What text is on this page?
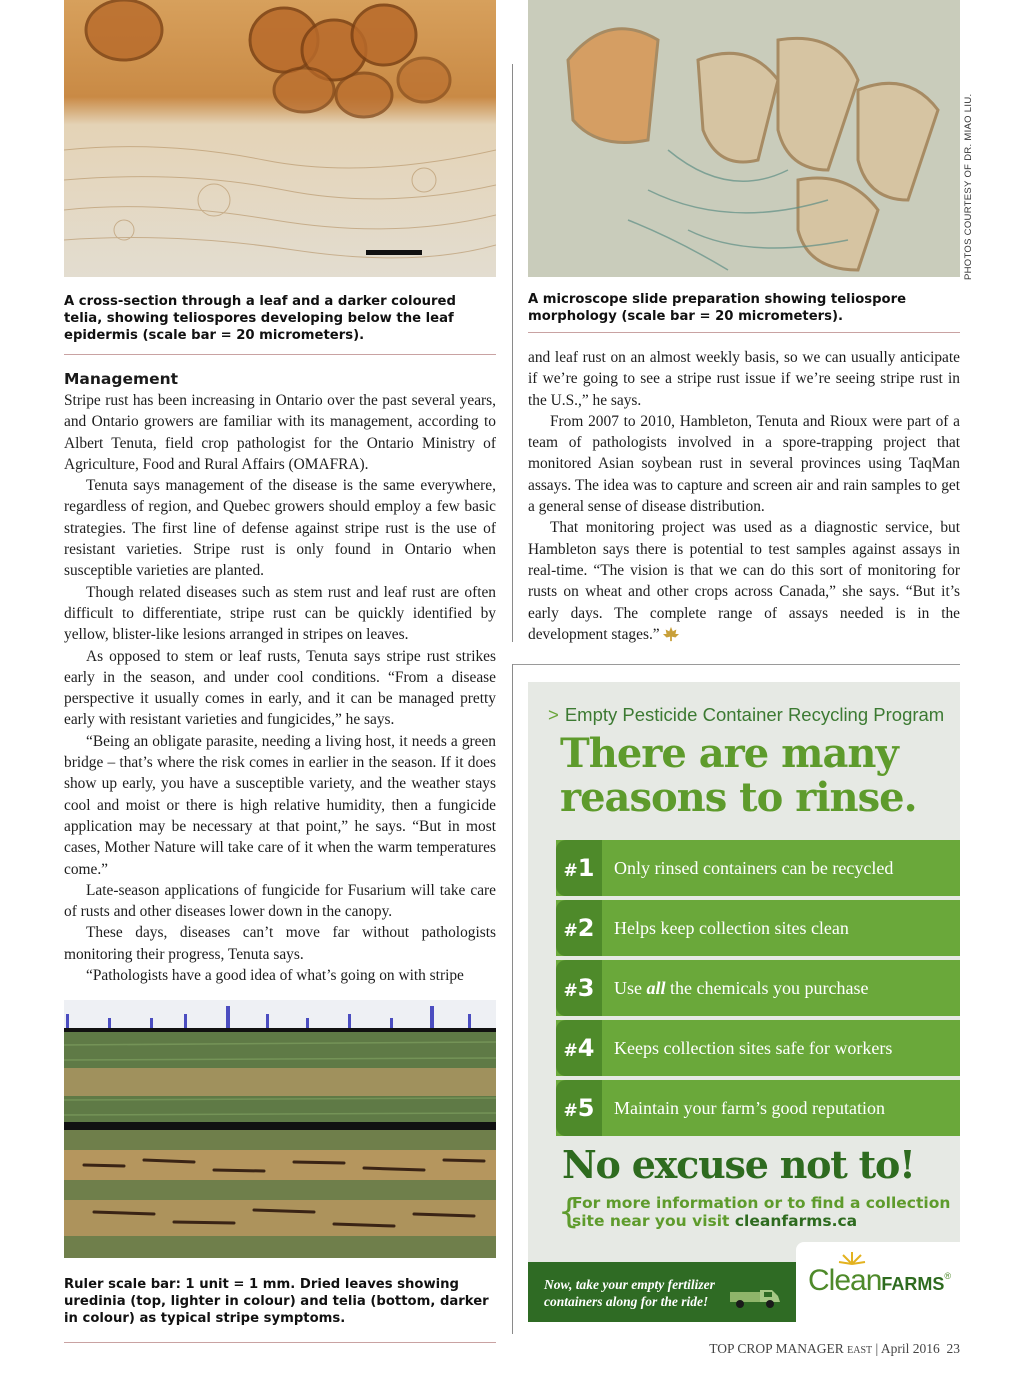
PHOTOS COURTESY OF DR. MIAO LIU.
A cross-section through a leaf and a darker coloured telia, showing teliospores developing below the leaf epidermis (scale bar = 20 micrometers).
A microscope slide preparation showing teliospore morphology (scale bar = 20 micrometers).
Management

Stripe rust has been increasing in Ontario over the past several years, and Ontario growers are familiar with its management, according to Albert Tenuta, field crop pathologist for the Ontario Ministry of Agriculture, Food and Rural Affairs (OMAFRA).

Tenuta says management of the disease is the same everywhere, regardless of region, and Quebec growers should employ a few basic strategies. The first line of defense against stripe rust is the use of resistant varieties. Stripe rust is only found in Ontario when susceptible varieties are planted.

Though related diseases such as stem rust and leaf rust are often difficult to differentiate, stripe rust can be quickly identified by yellow, blister-like lesions arranged in stripes on leaves.

As opposed to stem or leaf rusts, Tenuta says stripe rust strikes early in the season, and under cool conditions. “From a disease perspective it usually comes in early, and it can be managed pretty early with resistant varieties and fungicides,” he says.

“Being an obligate parasite, needing a living host, it needs a green bridge – that’s where the risk comes in earlier in the season. If it does show up early, you have a susceptible variety, and the weather stays cool and moist or there is high relative humidity, then a fungicide application may be necessary at that point,” he says. “But in most cases, Mother Nature will take care of it when the warm temperatures come.”

Late-season applications of fungicide for Fusarium will take care of rusts and other diseases lower down in the canopy.

These days, diseases can’t move far without pathologists monitoring their progress, Tenuta says.

“Pathologists have a good idea of what’s going on with stripe

and leaf rust on an almost weekly basis, so we can usually anticipate if we’re going to see a stripe rust issue if we’re seeing stripe rust in the U.S.,” he says.

From 2007 to 2010, Hambleton, Tenuta and Rioux were part of a team of pathologists involved in a spore-trapping project that monitored Asian soybean rust in several provinces using TaqMan assays. The idea was to capture and screen air and rain samples to get a general sense of disease distribution.

That monitoring project was used as a diagnostic service, but Hambleton says there is potential to test samples against assays in real-time. “The vision is that we can do this sort of monitoring for rusts on wheat and other crops across Canada,” she says. “But it’s early days. The complete range of assays needed is in the development stages.”

Ruler scale bar: 1 unit = 1 mm. Dried leaves showing uredinia (top, lighter in colour) and telia (bottom, darker in colour) as typical stripe symptoms.
> Empty Pesticide Container Recycling Program
There are many reasons to rinse.
#1	Only rinsed containers can be recycled
#2	Helps keep collection sites clean
#3	Use all the chemicals you purchase
#4	Keeps collection sites safe for workers
#5	Maintain your farm’s good reputation
No excuse not to!
{
For more information or to find a collection site near you visit cleanfarms.ca
Now, take your empty fertilizer
containers along for the ride!
CleanFARMS®
TOP CROP MANAGER EAST | April 2016 23
